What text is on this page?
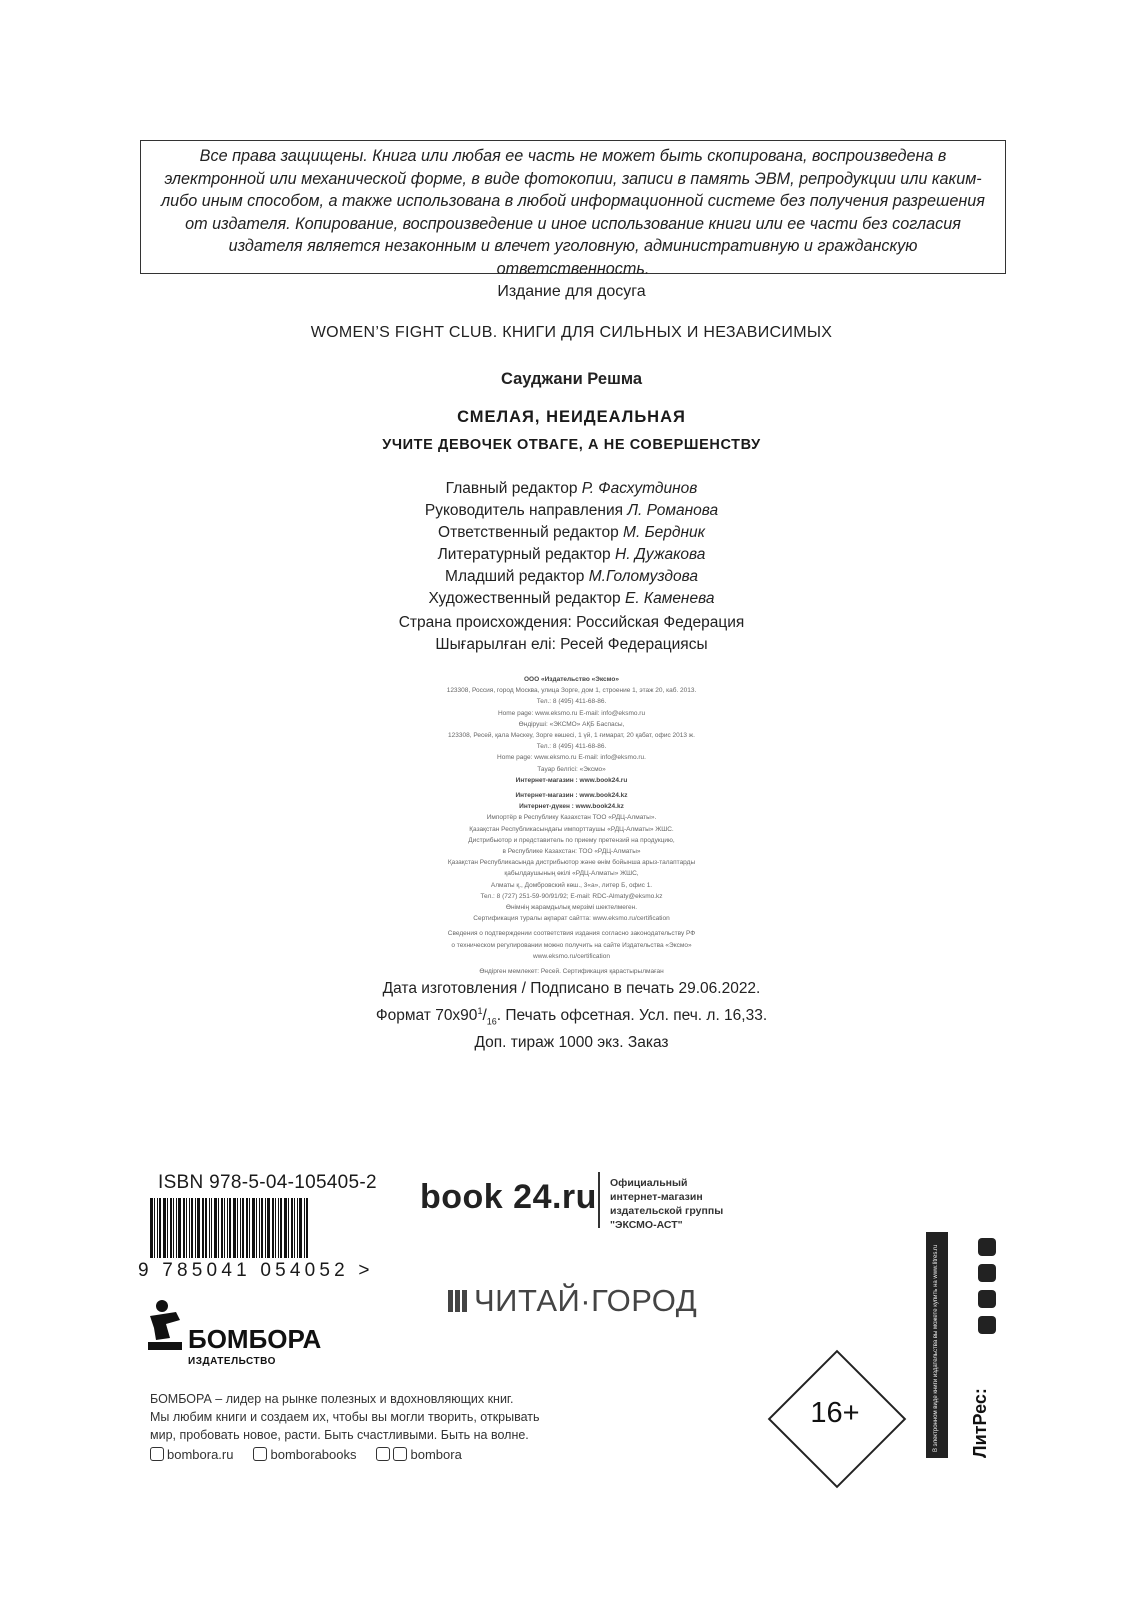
Все права защищены. Книга или любая ее часть не может быть скопирована, воспроизведена в электронной или механической форме, в виде фотокопии, записи в память ЭВМ, репродукции или каким-либо иным способом, а также использована в любой информационной системе без получения разрешения от издателя. Копирование, воспроизведение и иное использование книги или ее части без согласия издателя является незаконным и влечет уголовную, административную и гражданскую ответственность.
Издание для досуга
WOMEN’S FIGHT CLUB. КНИГИ ДЛЯ СИЛЬНЫХ И НЕЗАВИСИМЫХ
Сауджани Решма
СМЕЛАЯ, НЕИДЕАЛЬНАЯ
УЧИТЕ ДЕВОЧЕК ОТВАГЕ, А НЕ СОВЕРШЕНСТВУ
Главный редактор Р. Фасхутдинов
Руководитель направления Л. Романова
Ответственный редактор М. Бердник
Литературный редактор Н. Дужакова
Младший редактор М.Голомуздова
Художественный редактор Е. Каменева
Страна происхождения: Российская Федерация
Шығарылған елі: Ресей Федерациясы
ООО «Издательство «Эксмо»
123308, Россия, город Москва, улица Зорге, дом 1, строение 1, этаж 20, каб. 2013.
Тел.: 8 (495) 411-68-86.
Home page: www.eksmo.ru E-mail: info@eksmo.ru
Өндіруші: «ЭКСМО» АҚБ Баспасы,
123308, Ресей, қала Мәскеу, Зорге көшесі, 1 үй, 1 ғимарат, 20 қабат, офис 2013 ж.
Тел.: 8 (495) 411-68-86.
Home page: www.eksmo.ru E-mail: info@eksmo.ru.
Тауар белгісі: «Эксмо»
Интернет-магазин : www.book24.ru
Интернет-магазин : www.book24.kz
Интернет-дүкен : www.book24.kz
Импортёр в Республику Казахстан ТОО «РДЦ-Алматы».
Қазақстан Республикасындағы импорттаушы «РДЦ-Алматы» ЖШС.
Дистрибьютор и представитель по приему претензий на продукцию,
в Республике Казахстан: ТОО «РДЦ-Алматы»
Қазақстан Республикасында дистрибьютор және өнім бойынша арыз-талаптарды
қабылдаушының өкілі «РДЦ-Алматы» ЖШС,
Алматы қ., Домбровский көш., 3«а», литер Б, офис 1.
Тел.: 8 (727) 251-59-90/91/92; E-mail: RDC-Almaty@eksmo.kz
Өнімнің жарамдылық мерзімі шектелмеген.
Сертификация туралы ақпарат сайтта: www.eksmo.ru/certification
Сведения о подтверждении соответствия издания согласно законодательству РФ
о техническом регулировании можно получить на сайте Издательства «Эксмо»
www.eksmo.ru/certification
Өндірген мемлекет: Ресей. Сертификация қарастырылмаған
Дата изготовления / Подписано в печать 29.06.2022.
Формат $70х90^1/_{16}$. Печать офсетная. Усл. печ. л. 16,33.
Доп. тираж 1000 экз. Заказ
ISBN 978-5-04-105405-2
9 785041 054052 >
book 24.ru Официальный
интернет-магазин
издательской группы
"ЭКСМО-АСТ"
ЧИТАЙ·ГОРОД
БОМБОРА
ИЗДАТЕЛЬСТВО
БОМБОРА – лидер на рынке полезных и вдохновляющих книг.
Мы любим книги и создаем их, чтобы вы могли творить, открывать
мир, пробовать новое, расти. Быть счастливыми. Быть на волне.
bombora.ru	bomborabooks	bombora
16+	В электронном виде книги издательства вы можете купить на www.litres.ru ЛитРес:
